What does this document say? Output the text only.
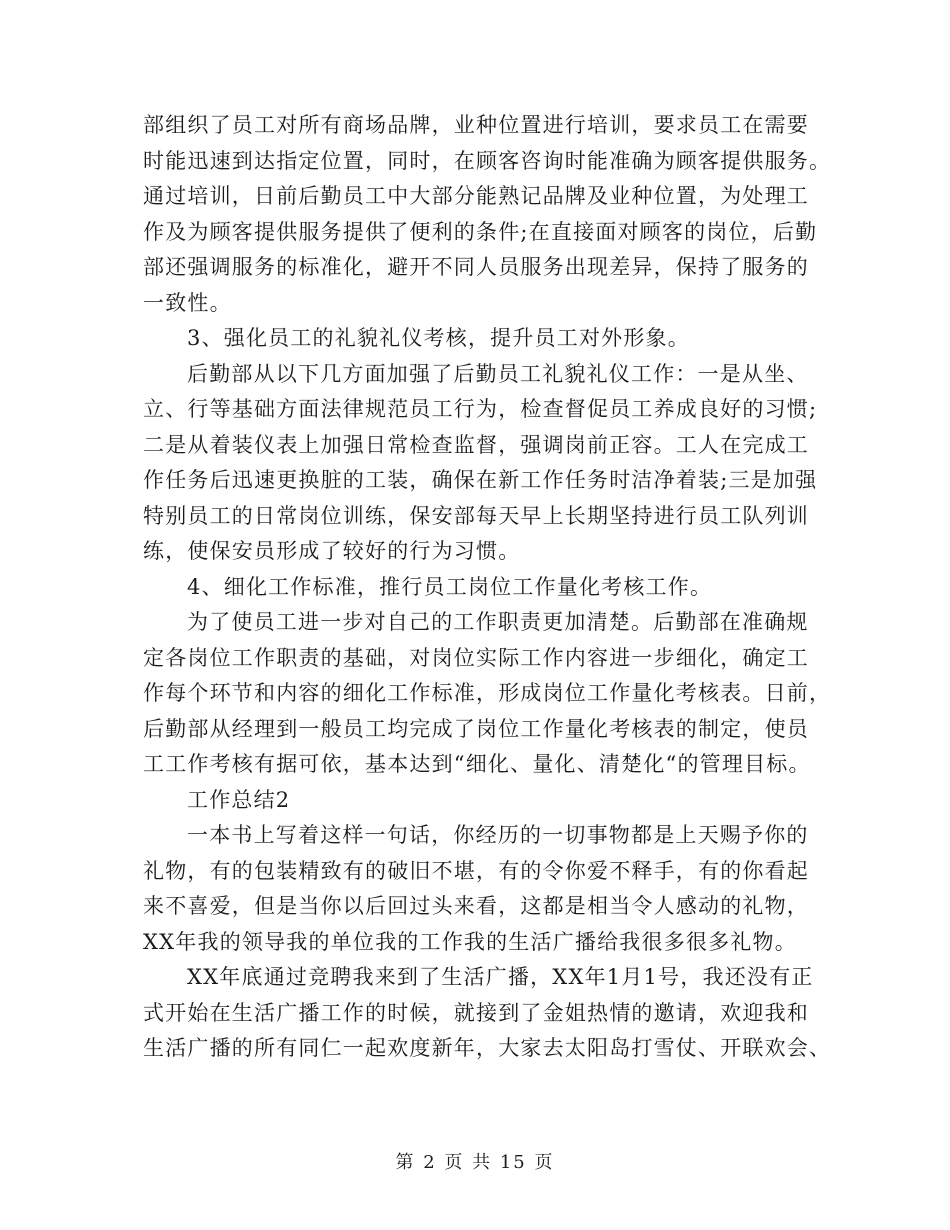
部组织了员工对所有商场品牌，业种位置进行培训，要求员工在需要
时能迅速到达指定位置，同时，在顾客咨询时能准确为顾客提供服务。
通过培训，日前后勤员工中大部分能熟记品牌及业种位置，为处理工
作及为顾客提供服务提供了便利的条件;在直接面对顾客的岗位，后勤
部还强调服务的标准化，避开不同人员服务出现差异，保持了服务的
一致性。

3、强化员工的礼貌礼仪考核，提升员工对外形象。

后勤部从以下几方面加强了后勤员工礼貌礼仪工作：一是从坐、
立、行等基础方面法律规范员工行为，检查督促员工养成良好的习惯;
二是从着装仪表上加强日常检查监督，强调岗前正容。工人在完成工
作任务后迅速更换脏的工装，确保在新工作任务时洁净着装;三是加强
特别员工的日常岗位训练，保安部每天早上长期坚持进行员工队列训
练，使保安员形成了较好的行为习惯。

4、细化工作标准，推行员工岗位工作量化考核工作。

为了使员工进一步对自己的工作职责更加清楚。后勤部在准确规
定各岗位工作职责的基础，对岗位实际工作内容进一步细化，确定工
作每个环节和内容的细化工作标准，形成岗位工作量化考核表。日前，
后勤部从经理到一般员工均完成了岗位工作量化考核表的制定，使员
工工作考核有据可依，基本达到“细化、量化、清楚化“的管理目标。

工作总结2

一本书上写着这样一句话，你经历的一切事物都是上天赐予你的
礼物，有的包装精致有的破旧不堪，有的令你爱不释手，有的你看起
来不喜爱，但是当你以后回过头来看，这都是相当令人感动的礼物，
XX年我的领导我的单位我的工作我的生活广播给我很多很多礼物。

XX年底通过竞聘我来到了生活广播，XX年1月1号，我还没有正
式开始在生活广播工作的时候，就接到了金姐热情的邀请，欢迎我和
生活广播的所有同仁一起欢度新年，大家去太阳岛打雪仗、开联欢会、

第 2 页 共 15 页
